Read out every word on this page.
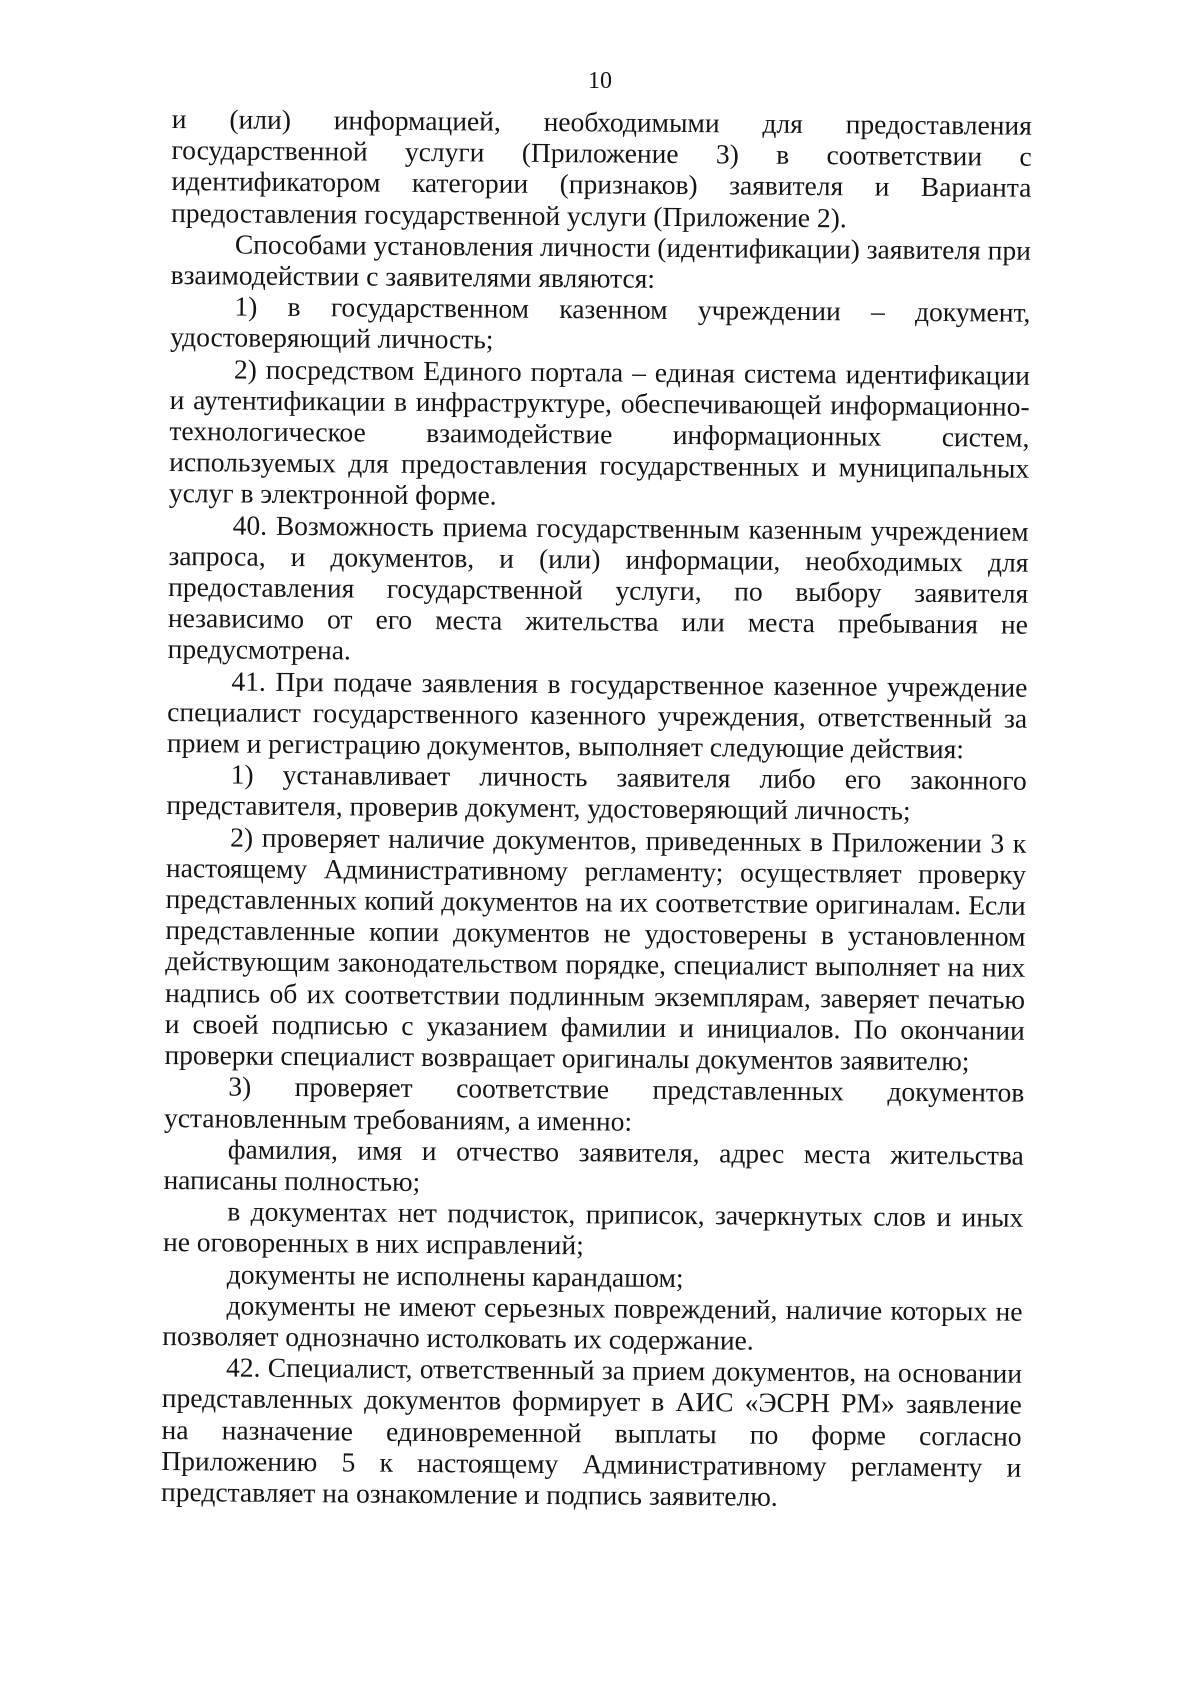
10

и (или) информацией, необходимыми для предоставления государственной услуги (Приложение 3) в соответствии с идентификатором категории (признаков) заявителя и Варианта предоставления государственной услуги (Приложение 2).

Способами установления личности (идентификации) заявителя при взаимодействии с заявителями являются:

1) в государственном казенном учреждении – документ, удостоверяющий личность;

2) посредством Единого портала – единая система идентификации и аутентификации в инфраструктуре, обеспечивающей информационно-технологическое взаимодействие информационных систем, используемых для предоставления государственных и муниципальных услуг в электронной форме.

40. Возможность приема государственным казенным учреждением запроса, и документов, и (или) информации, необходимых для предоставления государственной услуги, по выбору заявителя независимо от его места жительства или места пребывания не предусмотрена.

41. При подаче заявления в государственное казенное учреждение специалист государственного казенного учреждения, ответственный за прием и регистрацию документов, выполняет следующие действия:

1) устанавливает личность заявителя либо его законного представителя, проверив документ, удостоверяющий личность;

2) проверяет наличие документов, приведенных в Приложении 3 к настоящему Административному регламенту; осуществляет проверку представленных копий документов на их соответствие оригиналам. Если представленные копии документов не удостоверены в установленном действующим законодательством порядке, специалист выполняет на них надпись об их соответствии подлинным экземплярам, заверяет печатью и своей подписью с указанием фамилии и инициалов. По окончании проверки специалист возвращает оригиналы документов заявителю;

3) проверяет соответствие представленных документов установленным требованиям, а именно:

фамилия, имя и отчество заявителя, адрес места жительства написаны полностью;

в документах нет подчисток, приписок, зачеркнутых слов и иных не оговоренных в них исправлений;

документы не исполнены карандашом;

документы не имеют серьезных повреждений, наличие которых не позволяет однозначно истолковать их содержание.

42. Специалист, ответственный за прием документов, на основании представленных документов формирует в АИС «ЭСРН РМ» заявление на назначение единовременной выплаты по форме согласно Приложению 5 к настоящему Административному регламенту и представляет на ознакомление и подпись заявителю.
